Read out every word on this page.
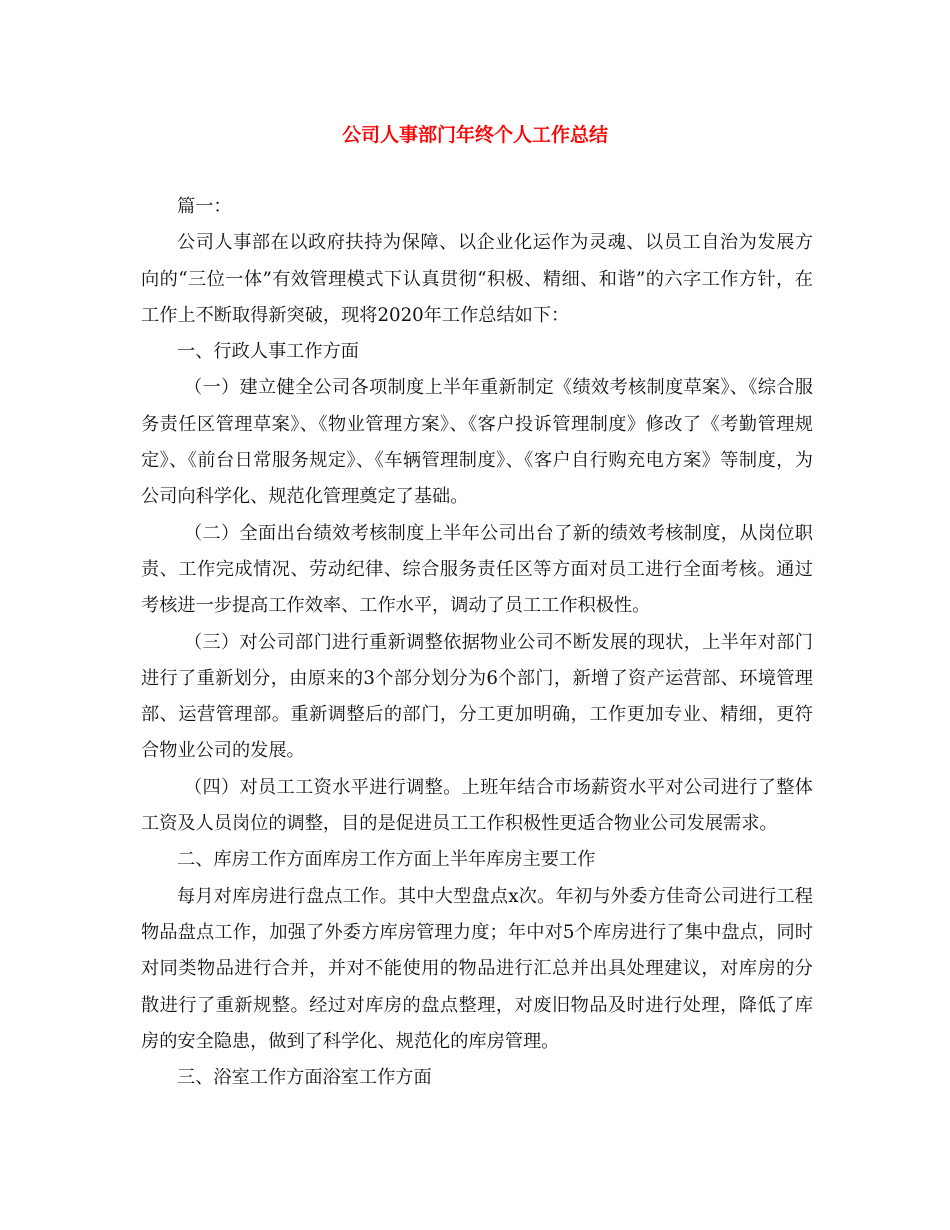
公司人事部门年终个人工作总结

篇一：

公司人事部在以政府扶持为保障、以企业化运作为灵魂、以员工自治为发展方向的“三位一体”有效管理模式下认真贯彻“积极、精细、和谐”的六字工作方针，在工作上不断取得新突破，现将2020年工作总结如下：

一、行政人事工作方面

（一）建立健全公司各项制度上半年重新制定《绩效考核制度草案》、《综合服务责任区管理草案》、《物业管理方案》、《客户投诉管理制度》修改了《考勤管理规定》、《前台日常服务规定》、《车辆管理制度》、《客户自行购充电方案》等制度，为公司向科学化、规范化管理奠定了基础。

（二）全面出台绩效考核制度上半年公司出台了新的绩效考核制度，从岗位职责、工作完成情况、劳动纪律、综合服务责任区等方面对员工进行全面考核。通过考核进一步提高工作效率、工作水平，调动了员工工作积极性。

（三）对公司部门进行重新调整依据物业公司不断发展的现状，上半年对部门进行了重新划分，由原来的3个部分划分为6个部门，新增了资产运营部、环境管理部、运营管理部。重新调整后的部门，分工更加明确，工作更加专业、精细，更符合物业公司的发展。

（四）对员工工资水平进行调整。上班年结合市场薪资水平对公司进行了整体工资及人员岗位的调整，目的是促进员工工作积极性更适合物业公司发展需求。

二、库房工作方面库房工作方面上半年库房主要工作

每月对库房进行盘点工作。其中大型盘点x次。年初与外委方佳奇公司进行工程物品盘点工作，加强了外委方库房管理力度；年中对5个库房进行了集中盘点，同时对同类物品进行合并，并对不能使用的物品进行汇总并出具处理建议，对库房的分散进行了重新规整。经过对库房的盘点整理，对废旧物品及时进行处理，降低了库房的安全隐患，做到了科学化、规范化的库房管理。

三、浴室工作方面浴室工作方面
